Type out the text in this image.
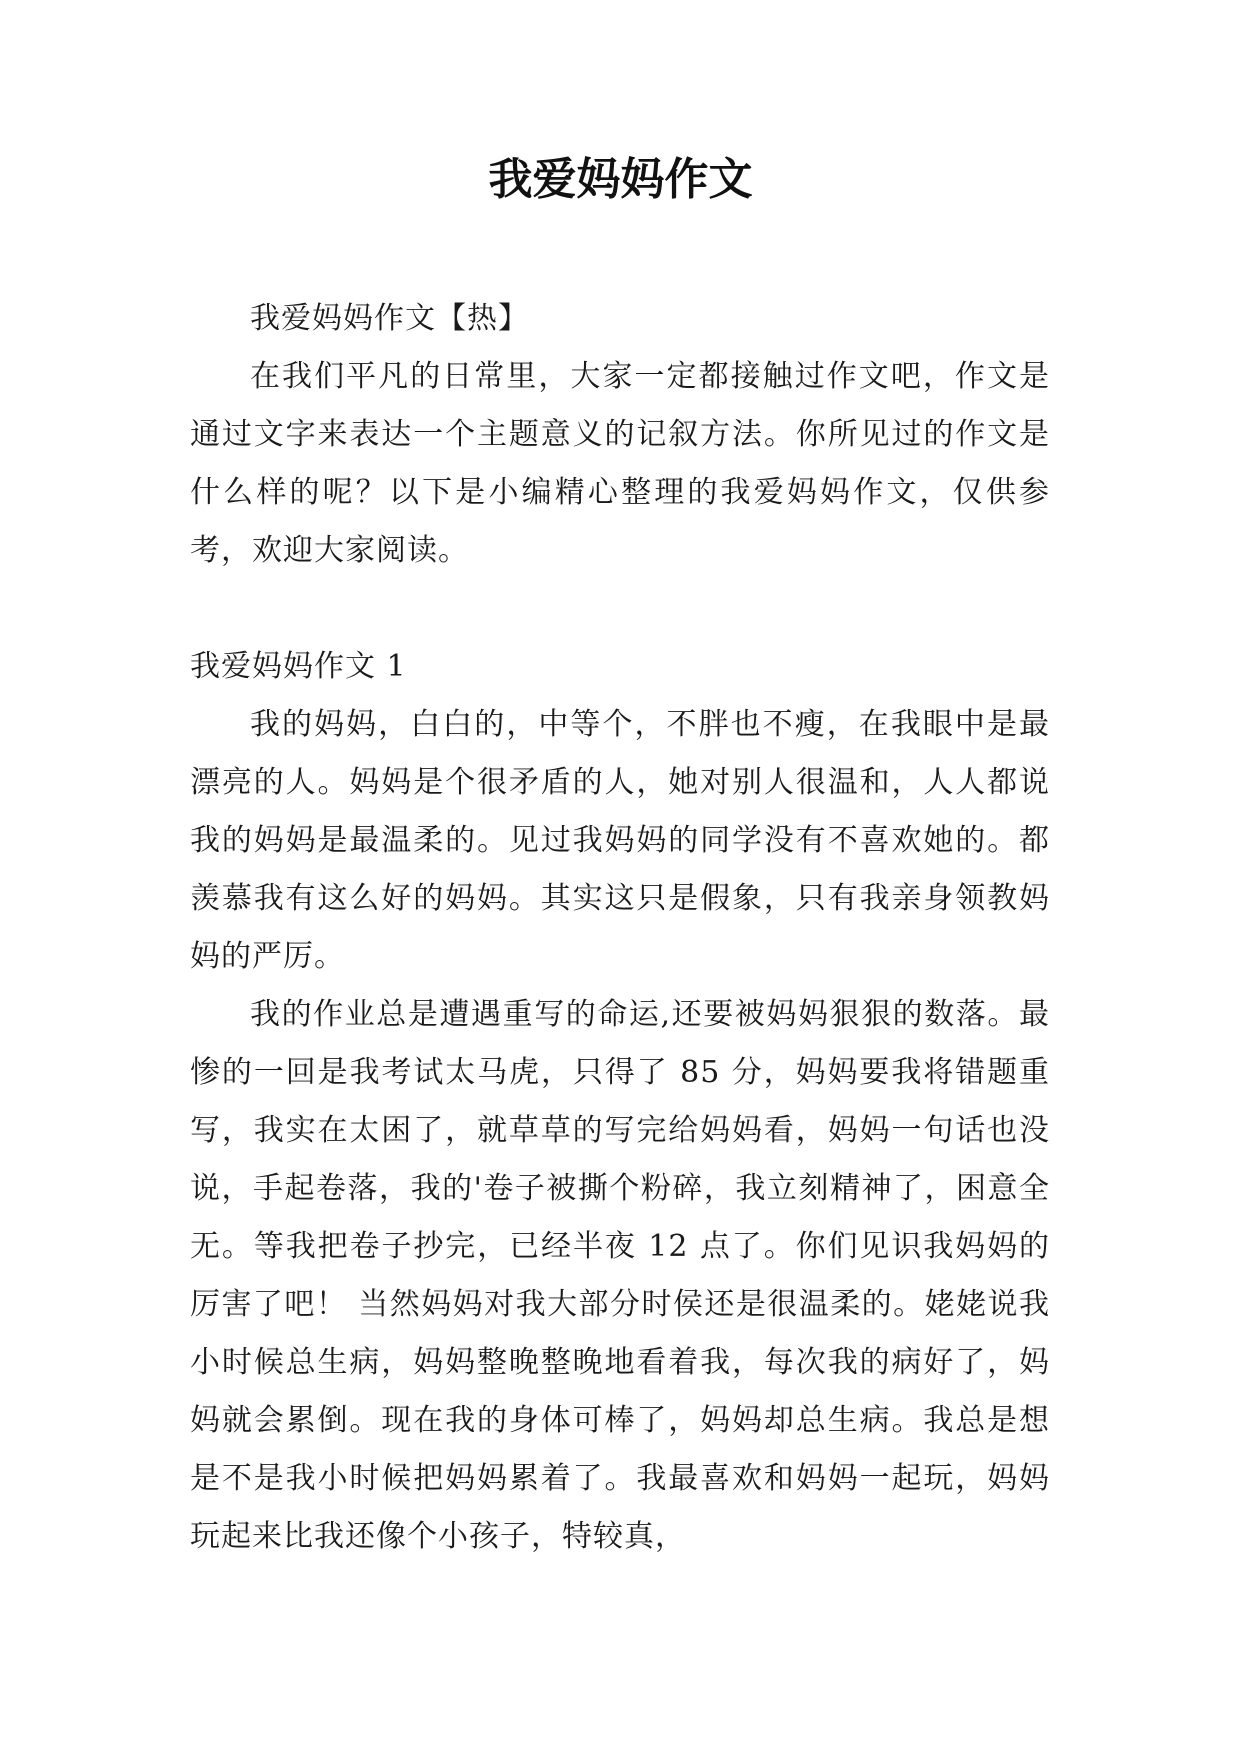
我爱妈妈作文

我爱妈妈作文【热】

在我们平凡的日常里，大家一定都接触过作文吧，作文是通过文字来表达一个主题意义的记叙方法。你所见过的作文是什么样的呢？以下是小编精心整理的我爱妈妈作文，仅供参考，欢迎大家阅读。

我爱妈妈作文 1

我的妈妈，白白的，中等个，不胖也不瘦，在我眼中是最漂亮的人。妈妈是个很矛盾的人，她对别人很温和，人人都说我的妈妈是最温柔的。见过我妈妈的同学没有不喜欢她的。都羡慕我有这么好的妈妈。其实这只是假象，只有我亲身领教妈妈的严厉。

我的作业总是遭遇重写的命运,还要被妈妈狠狠的数落。最惨的一回是我考试太马虎，只得了 85 分，妈妈要我将错题重写，我实在太困了，就草草的写完给妈妈看，妈妈一句话也没说，手起卷落，我的'卷子被撕个粉碎，我立刻精神了，困意全无。等我把卷子抄完，已经半夜 12 点了。你们见识我妈妈的厉害了吧！ 当然妈妈对我大部分时侯还是很温柔的。姥姥说我小时候总生病，妈妈整晚整晚地看着我，每次我的病好了，妈妈就会累倒。现在我的身体可棒了，妈妈却总生病。我总是想是不是我小时候把妈妈累着了。我最喜欢和妈妈一起玩，妈妈玩起来比我还像个小孩子，特较真，
